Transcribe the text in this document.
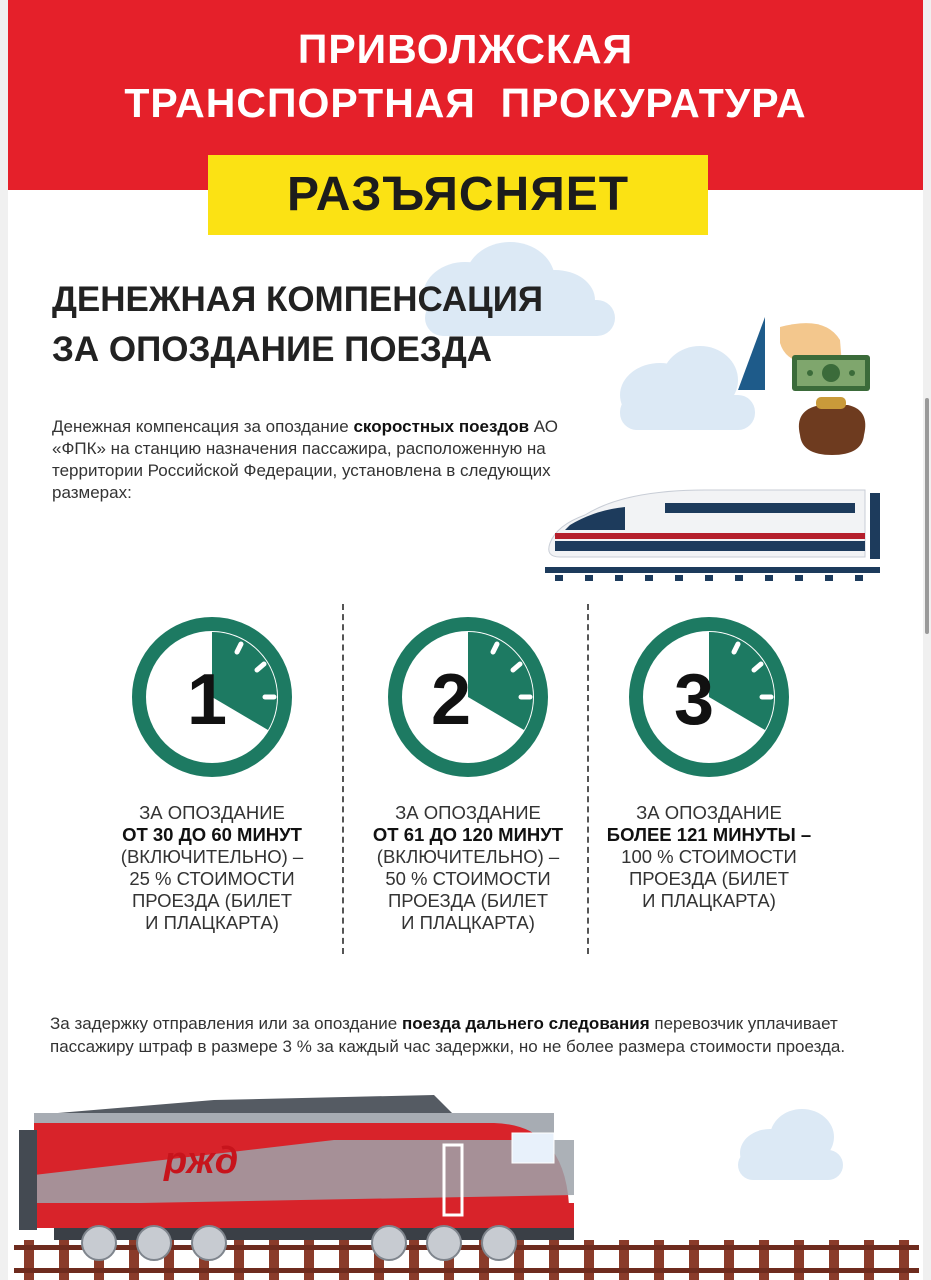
ПРИВОЛЖСКАЯ
ТРАНСПОРТНАЯ  ПРОКУРАТУРА
РАЗЪЯСНЯЕТ
ДЕНЕЖНАЯ КОМПЕНСАЦИЯ
ЗА ОПОЗДАНИЕ ПОЕЗДА

Денежная компенсация за опоздание скоростных поездов АО «ФПК» на станцию назначения пассажира, расположенную на территории Российской Федерации, установлена в следующих размерах:

1
ЗА ОПОЗДАНИЕ
ОТ 30 ДО 60 МИНУТ
(ВКЛЮЧИТЕЛЬНО) –
25 % СТОИМОСТИ
ПРОЕЗДА (БИЛЕТ
И ПЛАЦКАРТА)
2
ЗА ОПОЗДАНИЕ
ОТ 61 ДО 120 МИНУТ
(ВКЛЮЧИТЕЛЬНО) –
50 % СТОИМОСТИ
ПРОЕЗДА (БИЛЕТ
И ПЛАЦКАРТА)
3
ЗА ОПОЗДАНИЕ
БОЛЕЕ 121 МИНУТЫ –
100 % СТОИМОСТИ
ПРОЕЗДА (БИЛЕТ
И ПЛАЦКАРТА)

За задержку отправления или за опоздание поезда дальнего следования перевозчик уплачивает пассажиру штраф в размере 3 % за каждый час задержки, но не более размера стоимости проезда.

ржд
